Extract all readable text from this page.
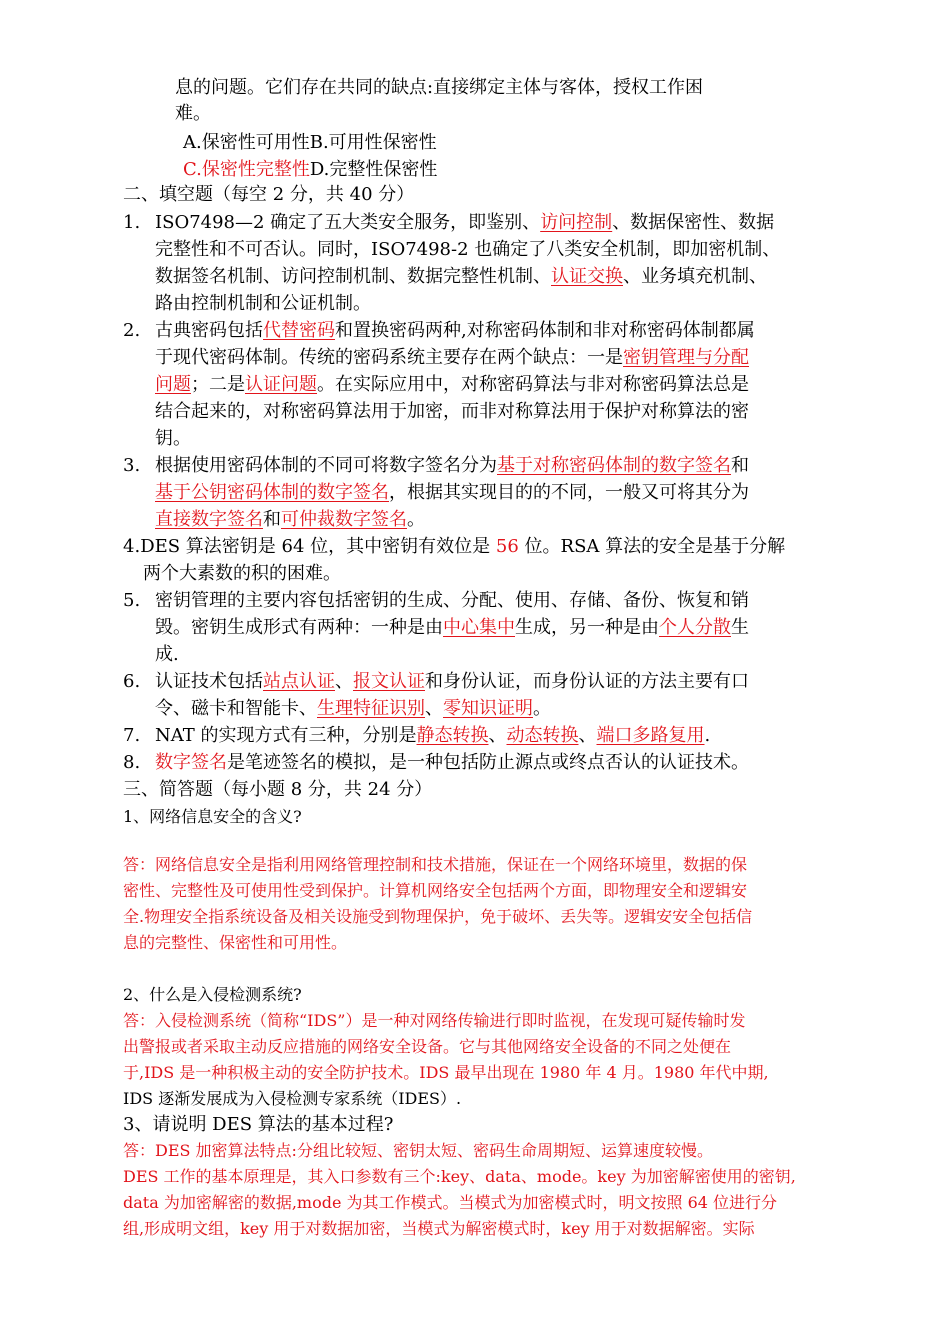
息的问题。它们存在共同的缺点:直接绑定主体与客体，授权工作困
难。
A.保密性可用性B.可用性保密性
C.保密性完整性D.完整性保密性
二、填空题（每空 2 分，共 40 分）
1. ISO7498—2 确定了五大类安全服务，即鉴别、访问控制、数据保密性、数据
完整性和不可否认。同时，ISO7498-2 也确定了八类安全机制，即加密机制、
数据签名机制、访问控制机制、数据完整性机制、认证交换、业务填充机制、
路由控制机制和公证机制。
2. 古典密码包括代替密码和置换密码两种,对称密码体制和非对称密码体制都属
于现代密码体制。传统的密码系统主要存在两个缺点：一是密钥管理与分配
问题；二是认证问题。在实际应用中，对称密码算法与非对称密码算法总是
结合起来的，对称密码算法用于加密，而非对称算法用于保护对称算法的密
钥。
3. 根据使用密码体制的不同可将数字签名分为基于对称密码体制的数字签名和
基于公钥密码体制的数字签名，根据其实现目的的不同，一般又可将其分为
直接数字签名和可仲裁数字签名。
4.DES 算法密钥是 64 位，其中密钥有效位是 56 位。RSA 算法的安全是基于分解
两个大素数的积的困难。
5. 密钥管理的主要内容包括密钥的生成、分配、使用、存储、备份、恢复和销
毁。密钥生成形式有两种：一种是由中心集中生成，另一种是由个人分散生
成.
6. 认证技术包括站点认证、报文认证和身份认证，而身份认证的方法主要有口
令、磁卡和智能卡、生理特征识别、零知识证明。
7. NAT 的实现方式有三种，分别是静态转换、动态转换、端口多路复用.
8. 数字签名是笔迹签名的模拟，是一种包括防止源点或终点否认的认证技术。
三、简答题（每小题 8 分，共 24 分）
1、网络信息安全的含义?
答：网络信息安全是指利用网络管理控制和技术措施，保证在一个网络环境里，数据的保
密性、完整性及可使用性受到保护。计算机网络安全包括两个方面，即物理安全和逻辑安
全.物理安全指系统设备及相关设施受到物理保护，免于破坏、丢失等。逻辑安安全包括信
息的完整性、保密性和可用性。
2、什么是入侵检测系统?
答：入侵检测系统（简称“IDS”）是一种对网络传输进行即时监视，在发现可疑传输时发
出警报或者采取主动反应措施的网络安全设备。它与其他网络安全设备的不同之处便在
于,IDS 是一种积极主动的安全防护技术。IDS 最早出现在 1980 年 4 月。1980 年代中期,
IDS 逐渐发展成为入侵检测专家系统（IDES）.
3、请说明 DES 算法的基本过程?
答：DES 加密算法特点:分组比较短、密钥太短、密码生命周期短、运算速度较慢。
DES 工作的基本原理是，其入口参数有三个:key、data、mode。key 为加密解密使用的密钥,
data 为加密解密的数据,mode 为其工作模式。当模式为加密模式时，明文按照 64 位进行分
组,形成明文组，key 用于对数据加密，当模式为解密模式时，key 用于对数据解密。实际
